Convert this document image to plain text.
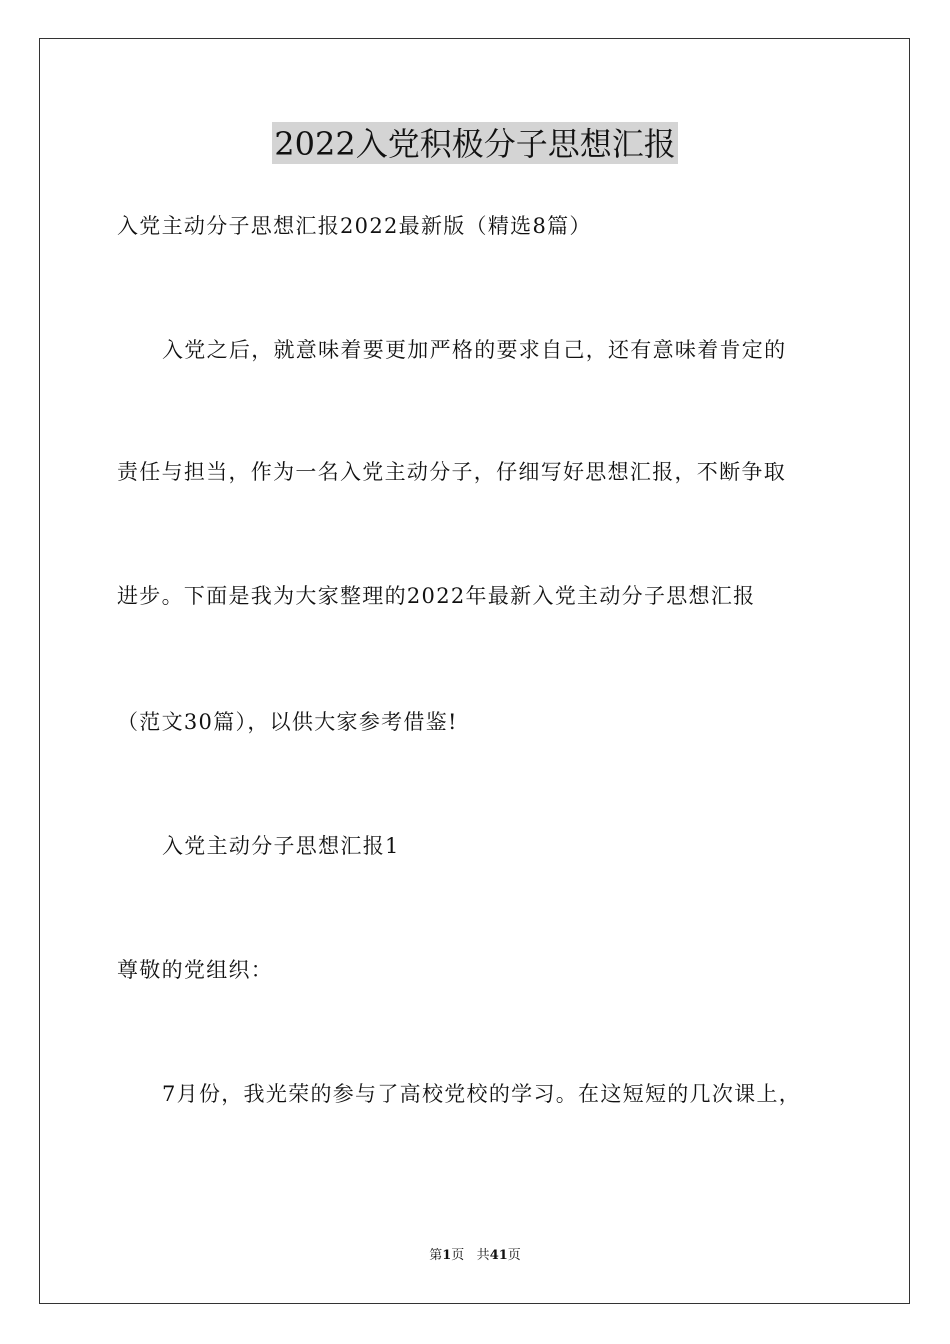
2022入党积极分子思想汇报
入党主动分子思想汇报2022最新版（精选8篇）
入党之后，就意味着要更加严格的要求自己，还有意味着肯定的
责任与担当，作为一名入党主动分子，仔细写好思想汇报，不断争取
进步。下面是我为大家整理的2022年最新入党主动分子思想汇报
（范文30篇），以供大家参考借鉴!
入党主动分子思想汇报1
尊敬的党组织：
7月份，我光荣的参与了高校党校的学习。在这短短的几次课上，
第1页 共41页
